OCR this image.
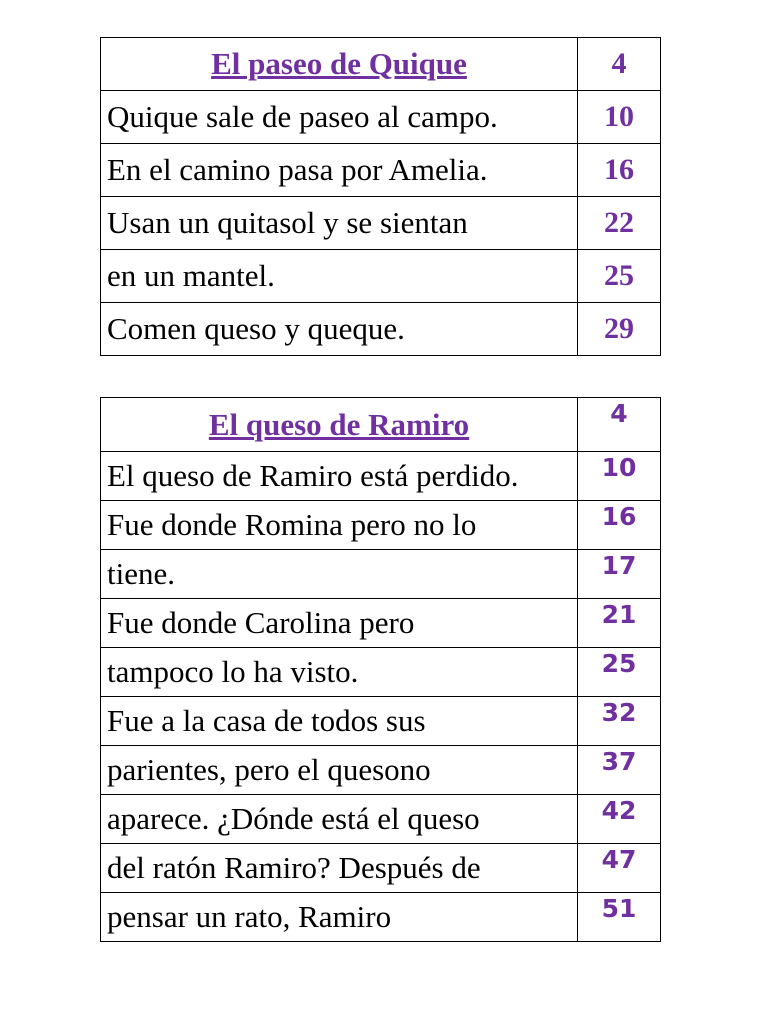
El paseo de Quique	4
Quique sale de paseo al campo.	10
En el camino pasa por Amelia.	16
Usan un quitasol y se sientan	22
en un mantel.	25
Comen queso y queque.	29
El queso de Ramiro	4
El queso de Ramiro está perdido.	10
Fue donde Romina pero no lo	16
tiene.	17
Fue donde Carolina pero	21
tampoco lo ha visto.	25
Fue a la casa de todos sus	32
parientes, pero el quesono	37
aparece. ¿Dónde está el queso	42
del ratón Ramiro? Después de	47
pensar un rato, Ramiro	51
